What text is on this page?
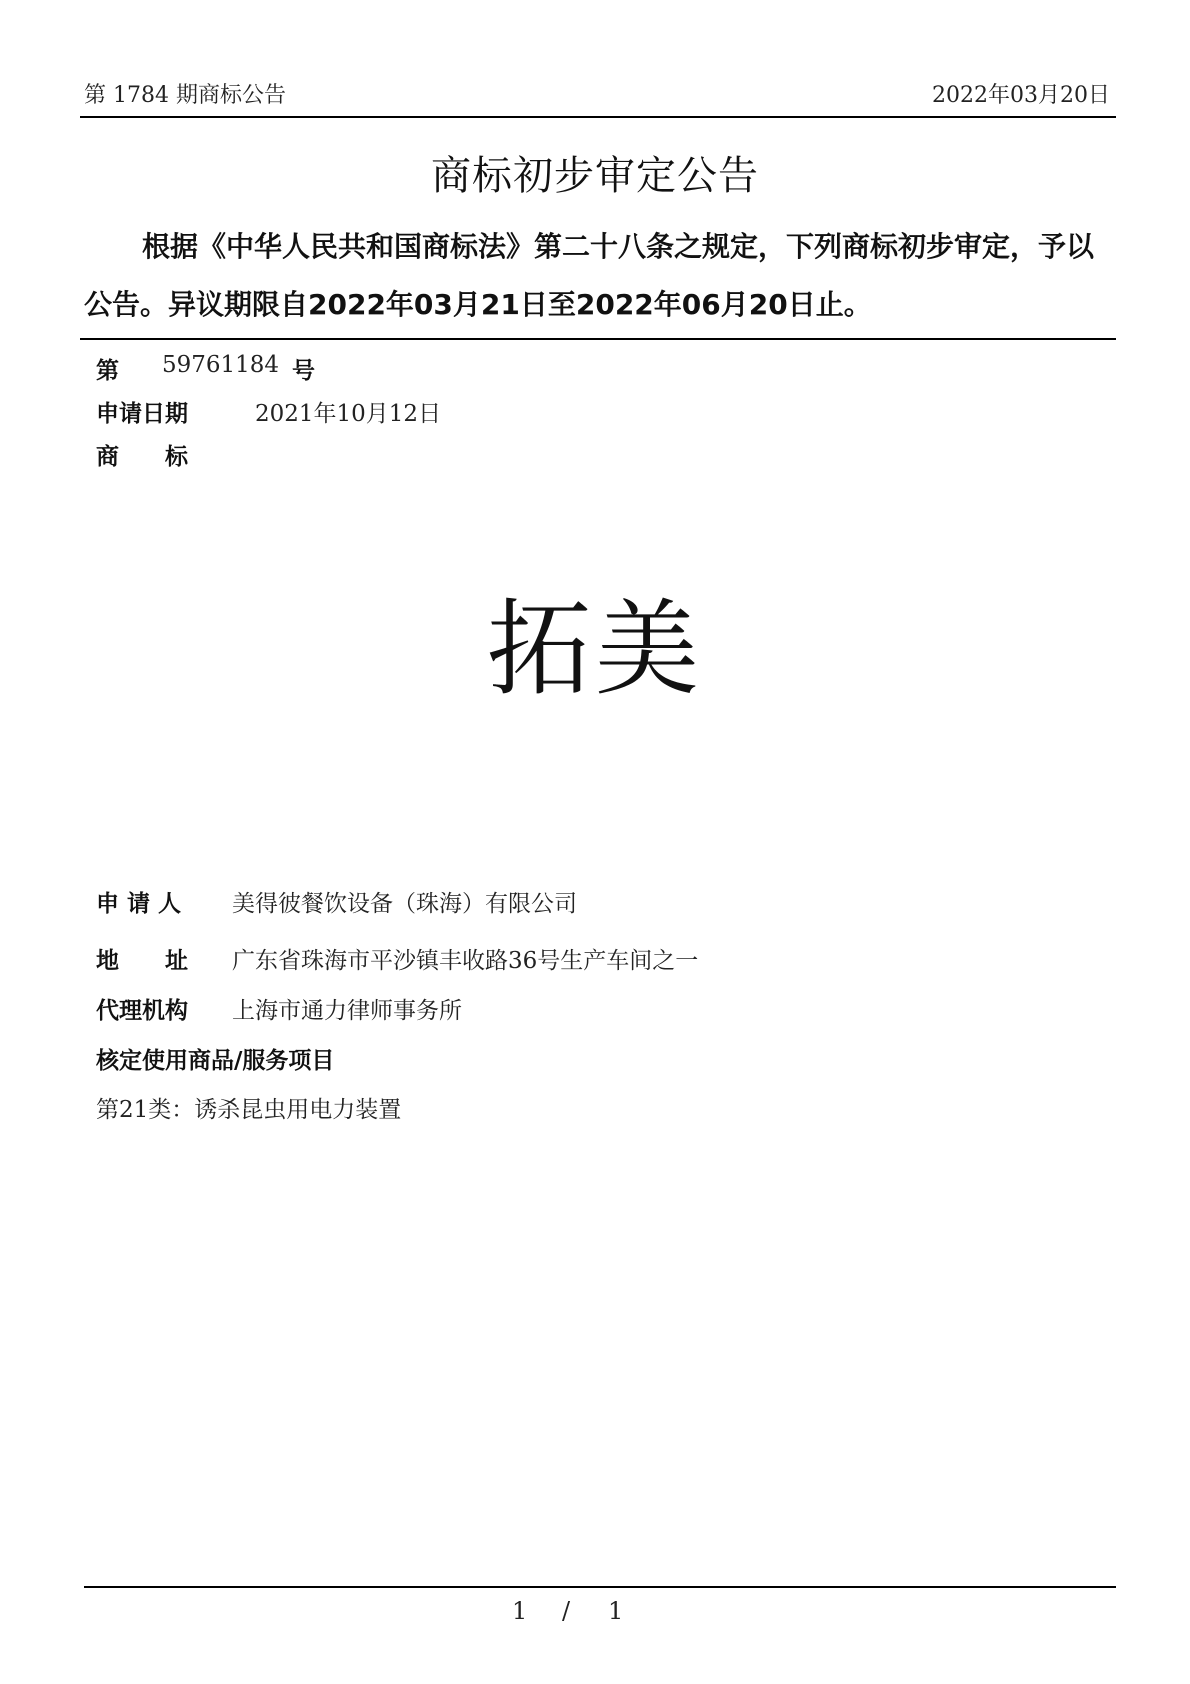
第 1784 期商标公告	2022年03月20日
商标初步审定公告
根据《中华人民共和国商标法》第二十八条之规定，下列商标初步审定，予以公告。异议期限自2022年03月21日至2022年06月20日止。
第 59761184 号
申请日期	2021年10月12日
商　　标
拓美
申 请 人 美得彼餐饮设备（珠海）有限公司
地　　址 广东省珠海市平沙镇丰收路36号生产车间之一
代理机构 上海市通力律师事务所
核定使用商品/服务项目
第21类：诱杀昆虫用电力装置
1 / 1
